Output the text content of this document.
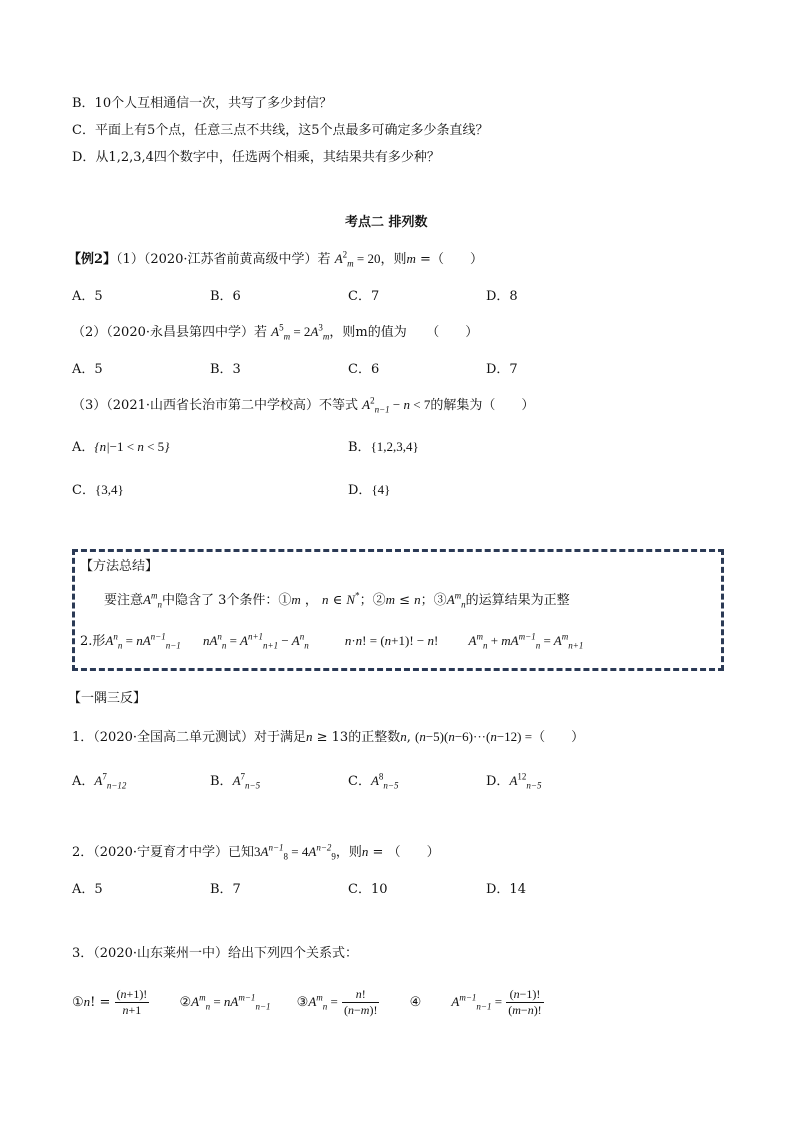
B．10个人互相通信一次，共写了多少封信？
C．平面上有5个点，任意三点不共线，这5个点最多可确定多少条直线？
D．从1,2,3,4四个数字中，任选两个相乘，其结果共有多少种？
考点二 排列数
【例2】（1）（2020·江苏省前黄高级中学）若 $A^2_m = 20$，则m =（　　）
A．5	B．6	C．7	D．8
（2）（2020·永昌县第四中学）若 $A^5_m = 2A^3_m$，则m的值为　　（　　）
A．5	B．3	C．6	D．7
（3）（2021·山西省长治市第二中学校高）不等式 $A^2_{n-1} - n < 7$的解集为（　　）
A．{n|−1 < n < 5}	B．{1,2,3,4}
C．{3,4}	D．{4}
【方法总结】
要注意$A^m_n$中隐含了 3个条件：①m ， n ∈ N*；②m ≤ n；$③A^m_n$的运算结果为正整
2.形$A^n_n = nA^{n-1}_{n-1}$ $nA^n_n = A^{n+1}_{n+1} - A^n_n$	n·n! = (n+1)! − n! $A^m_n + mA^{m-1}_n = A^m_{n+1}$
【一隅三反】
1．（2020·全国高二单元测试）对于满足n ≥ 13的正整数n, (n−5)(n−6)···(n−12) =（　　）
A．$A^7_{n-12}$	B．$A^7_{n-5}$	C．$A^8_{n-5}$	D．$A^{12}_{n-5}$
2．（2020·宁夏育才中学）已知$3A^{n-1}_8 = 4A^{n-2}_9$，则n = （　　）
A．5	B．7	C．10	D．14
3．（2020·山东莱州一中）给出下列四个关系式：
①n! = $\frac{(n+1)!}{n+1}$ $②A^m_n = nA^{m-1}_{n-1}$ $③A^m_n = \frac{n!}{(n-m)!}$ ④ $A^{m-1}_{n-1} = \frac{(n-1)!}{(m-n)!}$
